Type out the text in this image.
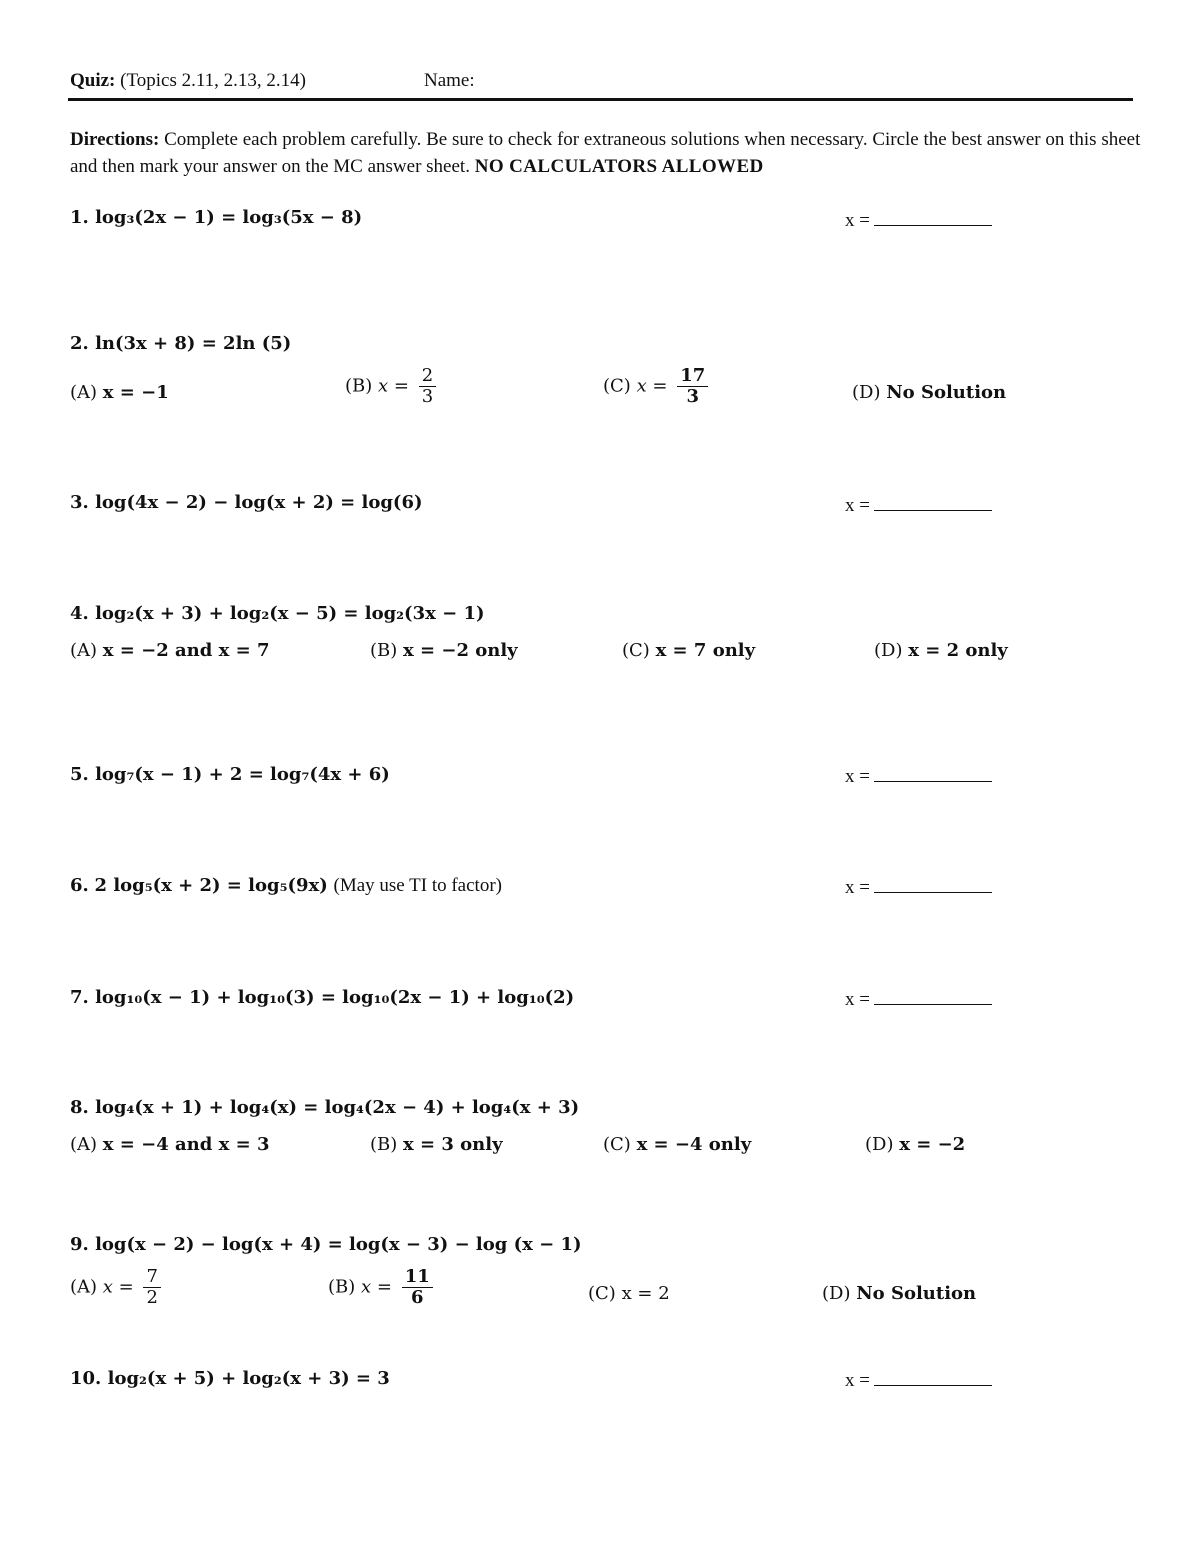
Quiz: (Topics 2.11, 2.13, 2.14)	Name:
Directions: Complete each problem carefully. Be sure to check for extraneous solutions when necessary. Circle the best answer on this sheet and then mark your answer on the MC answer sheet. NO CALCULATORS ALLOWED
1. log₃(2x − 1) = log₃(5x − 8)	x =
2. ln(3x + 8) = 2ln (5)
(A) x = −1	(B) $x = \frac{2}{3}$	(C) $x = \frac{17}{3}$	(D) No Solution
3. log(4x − 2) − log(x + 2) = log(6)	x =
4. log₂(x + 3) + log₂(x − 5) = log₂(3x − 1)
(A) x = −2 and x = 7	(B) x = −2 only	(C) x = 7 only	(D) x = 2 only
5. log₇(x − 1) + 2 = log₇(4x + 6)	x =
6. 2 log₅(x + 2) = log₅(9x) (May use TI to factor)	x =
7. log₁₀(x − 1) + log₁₀(3) = log₁₀(2x − 1) + log₁₀(2)	x =
8. log₄(x + 1) + log₄(x) = log₄(2x − 4) + log₄(x + 3)
(A) x = −4 and x = 3	(B) x = 3 only	(C) x = −4 only	(D) x = −2
9. log(x − 2) − log(x + 4) = log(x − 3) − log (x − 1)
(A) $x = \frac{7}{2}$	(B) $x = \frac{11}{6}$	(C) x = 2	(D) No Solution
10. log₂(x + 5) + log₂(x + 3) = 3	x =
